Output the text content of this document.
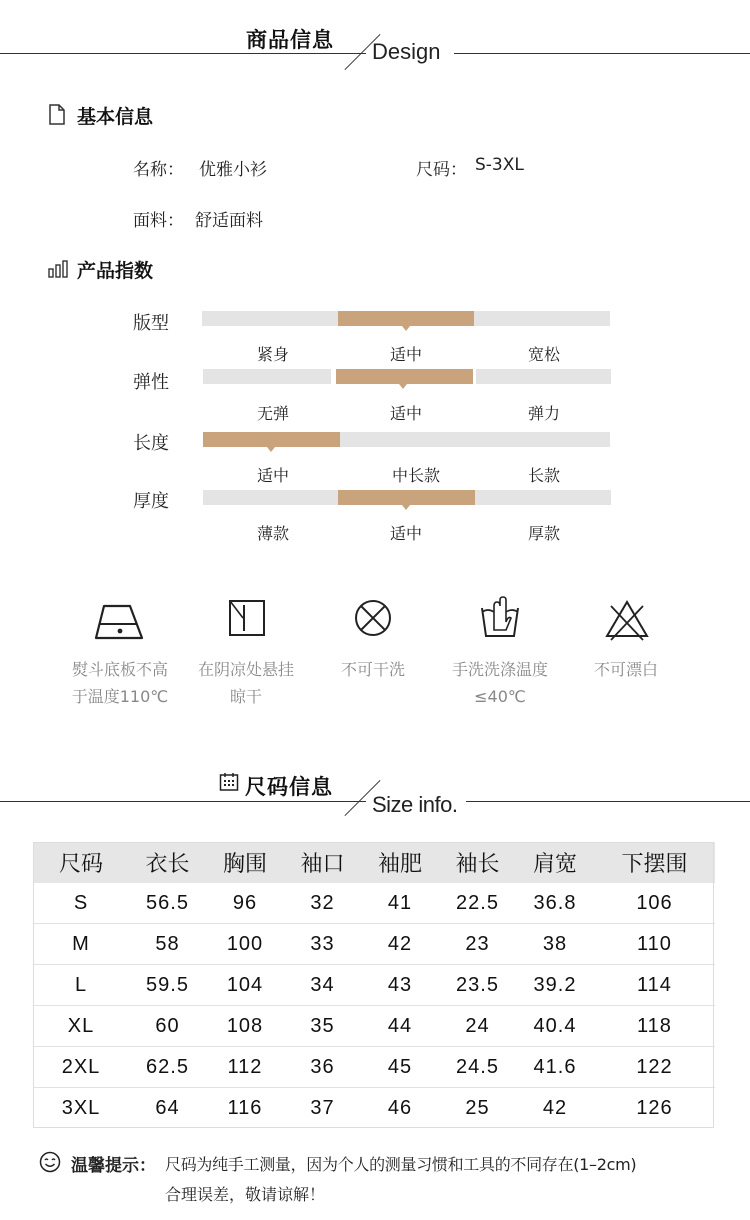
商品信息 Design
基本信息
名称： 优雅小衫	尺码： S-3XL
面料： 舒适面料
产品指数
版型
紧身	适中	宽松
弹性
无弹	适中	弹力
长度
适中	中长款	长款
厚度
薄款	适中	厚款
熨斗底板不高
于温度110℃
在阴凉处悬挂
晾干
不可干洗	手洗洗涤温度
≤40℃
不可漂白
尺码信息
Size info.
尺码	衣长	胸围	袖口	袖肥	袖长	肩宽	下摆围
S	56.5	96	32	41	22.5	36.8	106
M	58	100	33	42	23	38	110
L	59.5	104	34	43	23.5	39.2	114
XL	60	108	35	44	24	40.4	118
2XL	62.5	112	36	45	24.5	41.6	122
3XL	64	116	37	46	25	42	126
温馨提示： 尺码为纯手工测量，因为个人的测量习惯和工具的不同存在(1–2cm)
合理误差，敬请谅解！
